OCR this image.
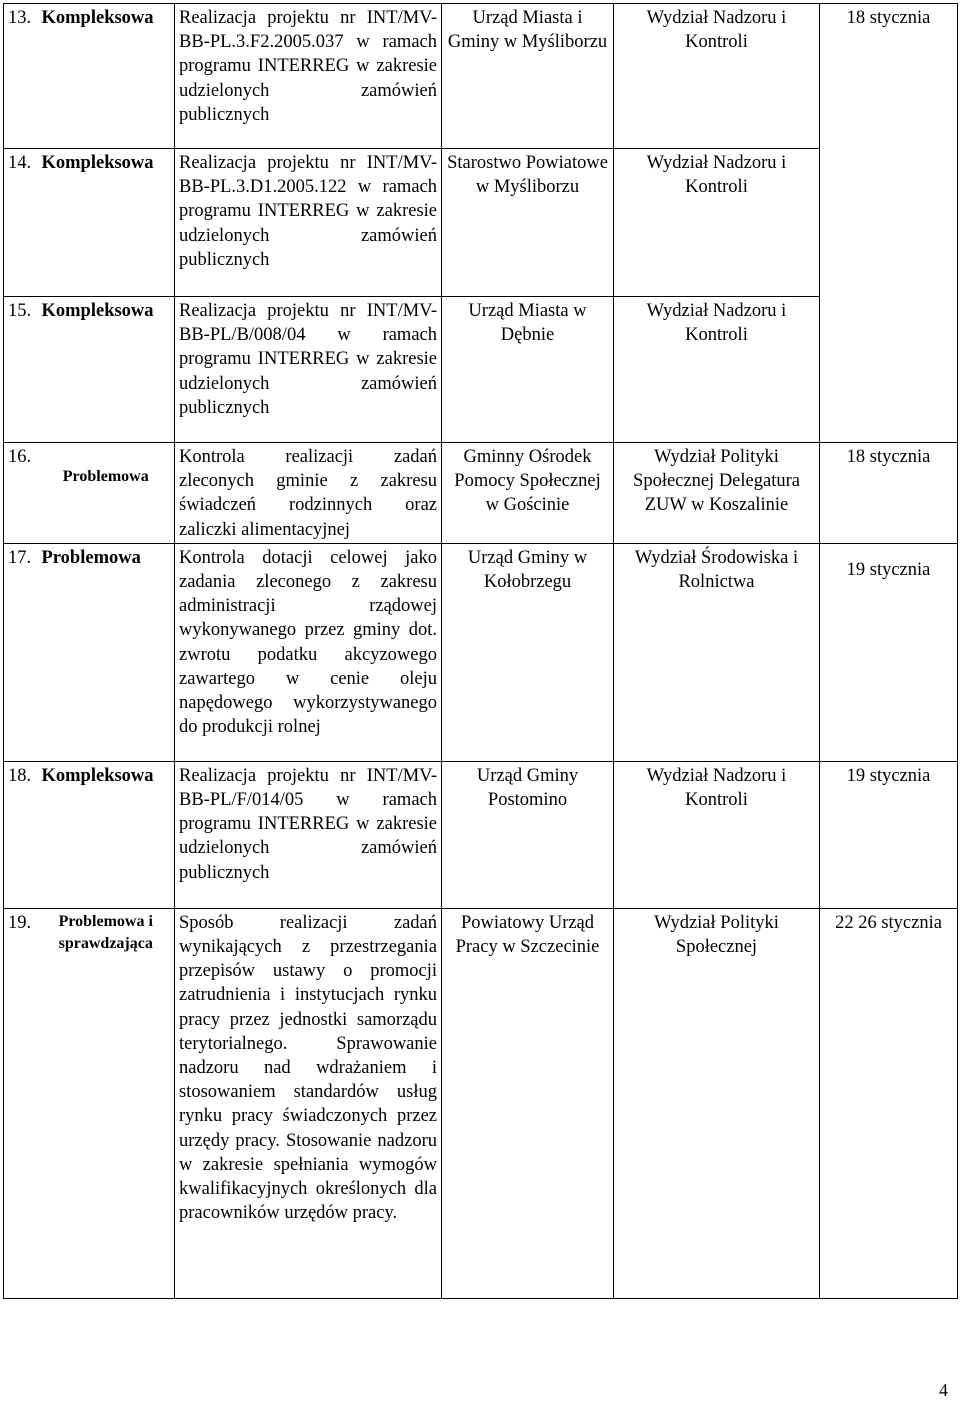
13.	Kompleksowa	Realizacja projektu nr INT/MV-BB-PL.3.F2.2005.037 w ramach programu INTERREG w zakresie udzielonych zamówień publicznych	Urząd Miasta i Gminy w Myśliborzu	Wydział Nadzoru i Kontroli	18 stycznia
14.	Kompleksowa	Realizacja projektu nr INT/MV-BB-PL.3.D1.2005.122 w ramach programu INTERREG w zakresie udzielonych zamówień publicznych	Starostwo Powiatowe w Myśliborzu	Wydział Nadzoru i Kontroli	
15.	Kompleksowa	Realizacja projektu nr INT/MV-BB-PL/B/008/04 w ramach programu INTERREG w zakresie udzielonych zamówień publicznych	Urząd Miasta w Dębnie	Wydział Nadzoru i Kontroli	
16.	Problemowa	Kontrola realizacji zadań zleconych gminie z zakresu świadczeń rodzinnych oraz zaliczki alimentacyjnej	Gminny Ośrodek Pomocy Społecznej w Gościnie	Wydział Polityki Społecznej Delegatura ZUW w Koszalinie	18 stycznia
17.	Problemowa	Kontrola dotacji celowej jako zadania zleconego z zakresu administracji rządowej wykonywanego przez gminy dot. zwrotu podatku akcyzowego zawartego w cenie oleju napędowego wykorzystywanego do produkcji rolnej	Urząd Gminy w Kołobrzegu	Wydział Środowiska i Rolnictwa	19 stycznia
18.	Kompleksowa	Realizacja projektu nr INT/MV-BB-PL/F/014/05 w ramach programu INTERREG w zakresie udzielonych zamówień publicznych	Urząd Gminy Postomino	Wydział Nadzoru i Kontroli	19 stycznia
19.	Problemowa i sprawdzająca	Sposób realizacji zadań wynikających z przestrzegania przepisów ustawy o promocji zatrudnienia i instytucjach rynku pracy przez jednostki samorządu terytorialnego. Sprawowanie nadzoru nad wdrażaniem i stosowaniem standardów usług rynku pracy świadczonych przez urzędy pracy. Stosowanie nadzoru w zakresie spełniania wymogów kwalifikacyjnych określonych dla pracowników urzędów pracy.	Powiatowy Urząd Pracy w Szczecinie	Wydział Polityki Społecznej	22 26 stycznia
4
